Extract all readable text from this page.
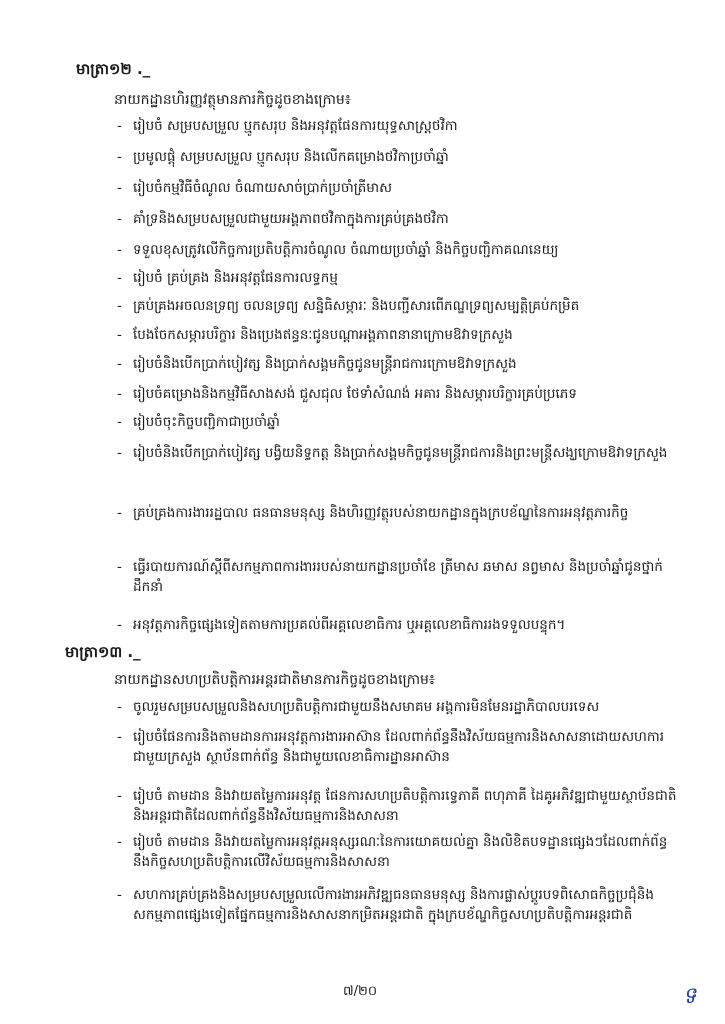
មាត្រា១២ ._
នាយកដ្ឋានហិរញ្ញវត្ថុមានភារកិច្ចដូចខាងក្រោម៖
- រៀបចំ សម្របសម្រួល ប្មូកសរុប និងអនុវត្តផែនការយុទ្ធសាស្ត្រថវិកា
- ប្រមូលផ្តុំ សម្របសម្រួល ប្មូកសរុប និងលើកគម្រោងថវិកាប្រចាំឆ្នាំ
- រៀបចំកម្មវិធីចំណូល ចំណាយសាច់ប្រាក់ប្រចាំត្រីមាស
- គាំទ្រនិងសម្របសម្រួលជាមួយអង្គភាពថវិកាក្នុងការគ្រប់គ្រងថវិកា
- ទទួលខុសត្រូវលើកិច្ចការប្រតិបត្តិការចំណូល ចំណាយប្រចាំឆ្នាំ និងកិច្ចបញ្ជិកាគណនេយ្យ
- រៀបចំ គ្រប់គ្រង និងអនុវត្តផែនការលទ្ធកម្ម
- គ្រប់គ្រងអចលនទ្រព្យ ចលនទ្រព្យ សន្និធិសម្ភារៈ និងបញ្ជីសារពើភណ្ឌទ្រព្យសម្បត្តិគ្រប់កម្រិត
- បែងចែកសម្ភារបរិក្ខារ និងប្រេងឥន្ធនៈជូនបណ្តាអង្គភាពនានាក្រោមឱវាទក្រសួង
- រៀបចំនិងបើកប្រាក់បៀវត្ស និងប្រាក់សង្គមកិច្ចជូនមន្ត្រីរាជការក្រោមឱវាទក្រសួង
- រៀបចំគម្រោងនិងកម្មវិធីសាងសង់ ជួសជុល ថែទាំសំណង់ អគារ និងសម្ភារបរិក្ខារគ្រប់ប្រភេទ
- រៀបចំចុះកិច្ចបញ្ជិកាជាប្រចាំឆ្នាំ
- រៀបចំនិងបើកប្រាក់បៀវត្ស បង្វិយនិទ្ធកត្ត និងប្រាក់សង្គមកិច្ចជូនមន្ត្រីរាជការនិងព្រះមន្ត្រីសង្ឃក្រោមឱវាទក្រសួង
- គ្រប់គ្រងការងាររដ្ឋបាល ធនធានមនុស្ស និងហិរញ្ញវត្ថុរបស់នាយកដ្ឋានក្នុងក្របខ័ណ្ឌនៃការអនុវត្តភារកិច្ច
- ធ្វើរបាយការណ៍ស្តីពីសកម្មភាពការងាររបស់នាយកដ្ឋានប្រចាំខែ ត្រីមាស ឆមាស នព្វមាស និងប្រចាំឆ្នាំជូនថ្នាក់ដឹកនាំ
- អនុវត្តភារកិច្ចផ្សេងទៀតតាមការប្រគល់ពីអគ្គលេខាធិការ ឬអគ្គលេខាធិការរងទទួលបន្ទុក។
មាត្រា១៣ ._
នាយកដ្ឋានសហប្រតិបត្តិការអន្តរជាតិមានភារកិច្ចដូចខាងក្រោម៖
- ចូលរួមសម្របសម្រួលនិងសហប្រតិបត្តិការជាមួយនឹងសមាគម អង្គការមិនមែនរដ្ឋាភិបាលបរទេស
- រៀបចំផែនការនិងតាមដានការអនុវត្តការងារអាស៊ាន ដែលពាក់ព័ន្ធនឹងវិស័យធម្មការនិងសាសនាដោយសហការជាមួយក្រសួង ស្ថាប័នពាក់ព័ន្ធ និងជាមួយលេខាធិការដ្ឋានអាស៊ាន
- រៀបចំ តាមដាន និងវាយតម្លៃការអនុវត្ត ផែនការសហប្រតិបត្តិការទ្វេភាគី ពហុភាគី ដៃគូអភិវឌ្ឍជាមួយស្ថាប័នជាតិនិងអន្តរជាតិដែលពាក់ព័ន្ធនឹងវិស័យធម្មការនិងសាសនា
- រៀបចំ តាមដាន និងវាយតម្លៃការអនុវត្តអនុស្សរណៈនៃការយោគយល់គ្នា និងលិខិតបទដ្ឋានផ្សេងៗដែលពាក់ព័ន្ធនឹងកិច្ចសហប្រតិបត្តិការលើវិស័យធម្មការនិងសាសនា
- សហការគ្រប់គ្រងនិងសម្របសម្រួលលើការងារអភិវឌ្ឍធនធានមនុស្ស និងការផ្លាស់ប្តូរបទពិសោធកិច្ចប្រជុំនិងសកម្មភាពផ្សេងទៀតផ្នែកធម្មការនិងសាសនាកម្រិតអន្តរជាតិ ក្នុងក្របខ័ណ្ឌកិច្ចសហប្រតិបត្តិការអន្តរជាតិ
៧/២០	ទ
